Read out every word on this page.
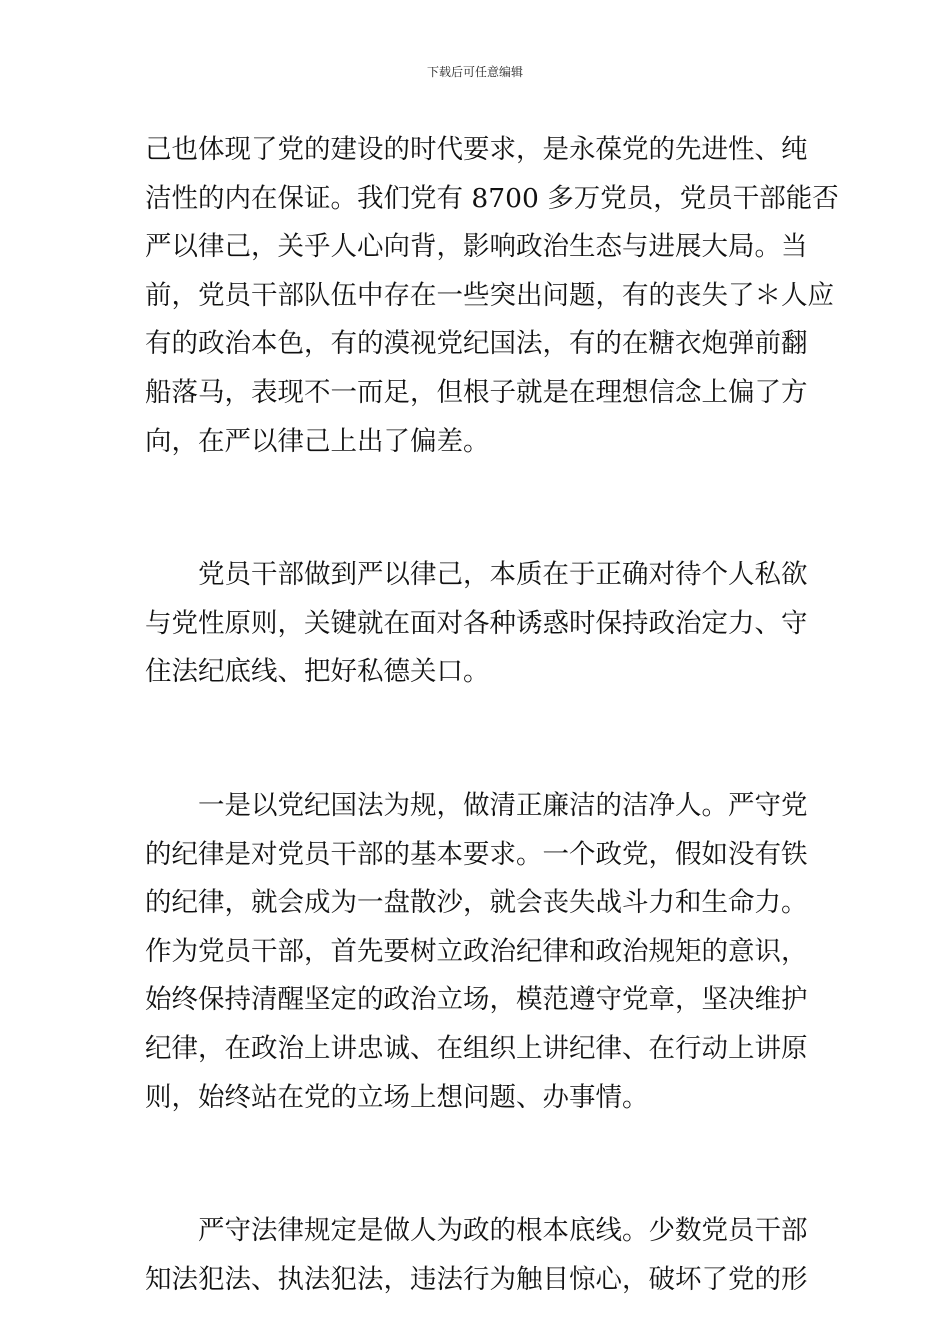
下载后可任意编辑
己也体现了党的建设的时代要求，是永葆党的先进性、纯
洁性的内在保证。我们党有 8700 多万党员，党员干部能否
严以律己，关乎人心向背，影响政治生态与进展大局。当
前，党员干部队伍中存在一些突出问题，有的丧失了＊人应
有的政治本色，有的漠视党纪国法，有的在糖衣炮弹前翻
船落马，表现不一而足，但根子就是在理想信念上偏了方
向，在严以律己上出了偏差。
党员干部做到严以律己，本质在于正确对待个人私欲
与党性原则，关键就在面对各种诱惑时保持政治定力、守
住法纪底线、把好私德关口。
一是以党纪国法为规，做清正廉洁的洁净人。严守党
的纪律是对党员干部的基本要求。一个政党，假如没有铁
的纪律，就会成为一盘散沙，就会丧失战斗力和生命力。
作为党员干部，首先要树立政治纪律和政治规矩的意识，
始终保持清醒坚定的政治立场，模范遵守党章，坚决维护
纪律，在政治上讲忠诚、在组织上讲纪律、在行动上讲原
则，始终站在党的立场上想问题、办事情。
严守法律规定是做人为政的根本底线。少数党员干部
知法犯法、执法犯法，违法行为触目惊心，破坏了党的形
